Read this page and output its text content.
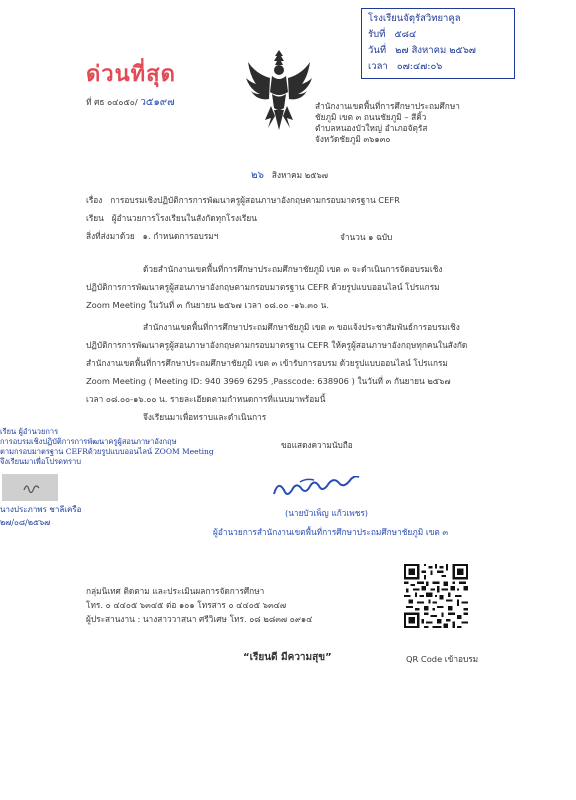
โรงเรียนจัตุรัสวิทยาคูล
รับที่ ๕๘๔
วันที่ ๒๗ สิงหาคม ๒๕๖๗
เวลา ๐๗:๔๗:๐๖
ด่วนที่สุด
ที่ ศธ ๐๔๐๕๐/ ว๕๑๙๗	สำนักงานเขตพื้นที่การศึกษาประถมศึกษา
ชัยภูมิ เขต ๓ ถนนชัยภูมิ – สีคิ้ว
ตำบลหนองบัวใหญ่ อำเภอจัตุรัส
จังหวัดชัยภูมิ ๓๖๑๓๐
๒๖ สิงหาคม ๒๕๖๗
เรื่อง การอบรมเชิงปฏิบัติการการพัฒนาครูผู้สอนภาษาอังกฤษตามกรอบมาตรฐาน CEFR
เรียน ผู้อำนวยการโรงเรียนในสังกัดทุกโรงเรียน
สิ่งที่ส่งมาด้วย ๑. กำหนดการอบรมฯ	จำนวน ๑ ฉบับ
ด้วยสำนักงานเขตพื้นที่การศึกษาประถมศึกษาชัยภูมิ เขต ๓ จะดำเนินการจัดอบรมเชิง
ปฏิบัติการการพัฒนาครูผู้สอนภาษาอังกฤษตามกรอบมาตรฐาน CEFR ด้วยรูปแบบออนไลน์ โปรแกรม
Zoom Meeting ในวันที่ ๓ กันยายน ๒๕๖๗ เวลา ๐๘.๐๐ -๑๖.๓๐ น.
สำนักงานเขตพื้นที่การศึกษาประถมศึกษาชัยภูมิ เขต ๓ ขอแจ้งประชาสัมพันธ์การอบรมเชิง
ปฏิบัติการการพัฒนาครูผู้สอนภาษาอังกฤษตามกรอบมาตรฐาน CEFR ให้ครูผู้สอนภาษาอังกฤษทุกคนในสังกัด
สำนักงานเขตพื้นที่การศึกษาประถมศึกษาชัยภูมิ เขต ๓ เข้ารับการอบรม ด้วยรูปแบบออนไลน์ โปรแกรม
Zoom Meeting ( Meeting ID: 940 3969 6295 ,Passcode: 638906 ) ในวันที่ ๓ กันยายน ๒๕๖๗
เวลา ๐๘.๐๐-๑๖.๐๐ น. รายละเอียดตามกำหนดการที่แนบมาพร้อมนี้
จึงเรียนมาเพื่อทราบและดำเนินการ
ขอแสดงความนับถือ
(นายบัวเพ็ญ แก้วเพชร)
ผู้อำนวยการสำนักงานเขตพื้นที่การศึกษาประถมศึกษาชัยภูมิ เขต ๓
เรียน ผู้อำนวยการ
การอบรมเชิงปฏิบัติการการพัฒนาครูผู้สอนภาษาอังกฤษ
ตามกรอบมาตรฐาน CEFRด้วยรูปแบบออนไลน์ ZOOM Meeting
จึงเรียนมาเพื่อโปรดทราบ
นางประภาพร ชาลีเครือ
๒๗/๐๘/๒๕๖๗
กลุ่มนิเทศ ติดตาม และประเมินผลการจัดการศึกษา
โทร. ๐ ๔๔๐๕ ๖๓๔๕ ต่อ ๑๐๑ โทรสาร ๐ ๔๔๐๕ ๖๓๔๗
ผู้ประสานงาน : นางสาววาสนา ศรีวิเศษ โทร. ๐๘ ๒๘๓๗ ๐๙๑๔
“เรียนดี มีความสุข”	QR Code เข้าอบรม
